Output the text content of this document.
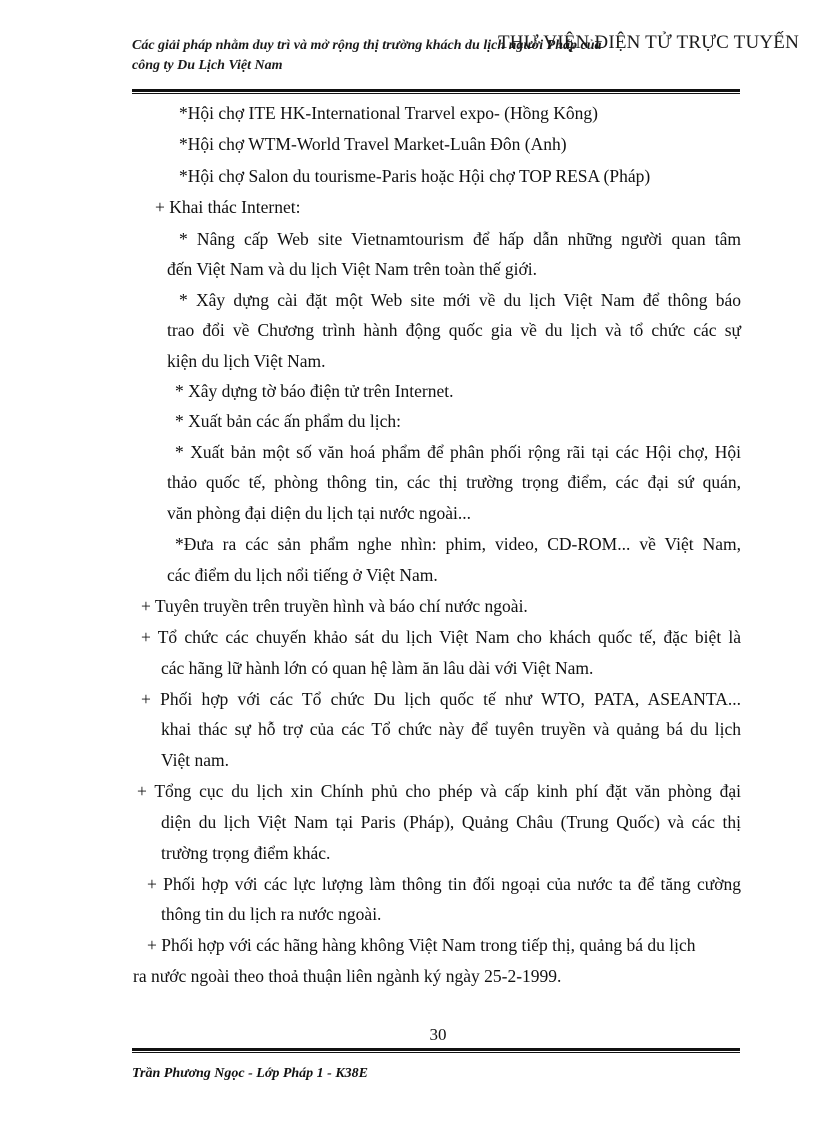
Các giải pháp nhằm duy trì và mở rộng thị trường khách du lịch người Pháp của
công ty Du Lịch Việt Nam
THƯ VIỆN ĐIỆN TỬ TRỰC TUYẾN
*Hội chợ ITE HK-International Trarvel expo- (Hồng Kông)
*Hội chợ WTM-World Travel Market-Luân Đôn (Anh)
*Hội chợ Salon du tourisme-Paris hoặc Hội chợ TOP RESA (Pháp)
+ Khai thác Internet:
* Nâng cấp Web site Vietnamtourism để hấp dẫn những người quan tâm
đến Việt Nam và du lịch Việt Nam trên toàn thế giới.
* Xây dựng cài đặt một Web site mới về du lịch Việt Nam để thông báo
trao đổi về Chương trình hành động quốc gia về du lịch và tổ chức các sự
kiện du lịch Việt Nam.
* Xây dựng tờ báo điện tử trên Internet.
* Xuất bản các ấn phẩm du lịch:
* Xuất bản một số văn hoá phẩm để phân phối rộng rãi tại các Hội chợ, Hội
thảo quốc tế, phòng thông tin, các thị trường trọng điểm, các đại sứ quán,
văn phòng đại diện du lịch tại nước ngoài...
*Đưa ra các sản phẩm nghe nhìn: phim, video, CD-ROM... về Việt Nam,
các điểm du lịch nổi tiếng ở Việt Nam.
+ Tuyên truyền trên truyền hình và báo chí nước ngoài.
+ Tổ chức các chuyến khảo sát du lịch Việt Nam cho khách quốc tế, đặc biệt là
các hãng lữ hành lớn có quan hệ làm ăn lâu dài với Việt Nam.
+ Phối hợp với các Tổ chức Du lịch quốc tế như WTO, PATA, ASEANTA...
khai thác sự hỗ trợ của các Tổ chức này để tuyên truyền và quảng bá du lịch
Việt nam.
+ Tổng cục du lịch xin Chính phủ cho phép và cấp kinh phí đặt văn phòng đại
diện du lịch Việt Nam tại Paris (Pháp), Quảng Châu (Trung Quốc) và các thị
trường trọng điểm khác.
+ Phối hợp với các lực lượng làm thông tin đối ngoại của nước ta để tăng cường
thông tin du lịch ra nước ngoài.
+ Phối hợp với các hãng hàng không Việt Nam trong tiếp thị, quảng bá du lịch
ra nước ngoài theo thoả thuận liên ngành ký ngày 25-2-1999.
30
Trần Phương Ngọc - Lớp Pháp 1 - K38E
